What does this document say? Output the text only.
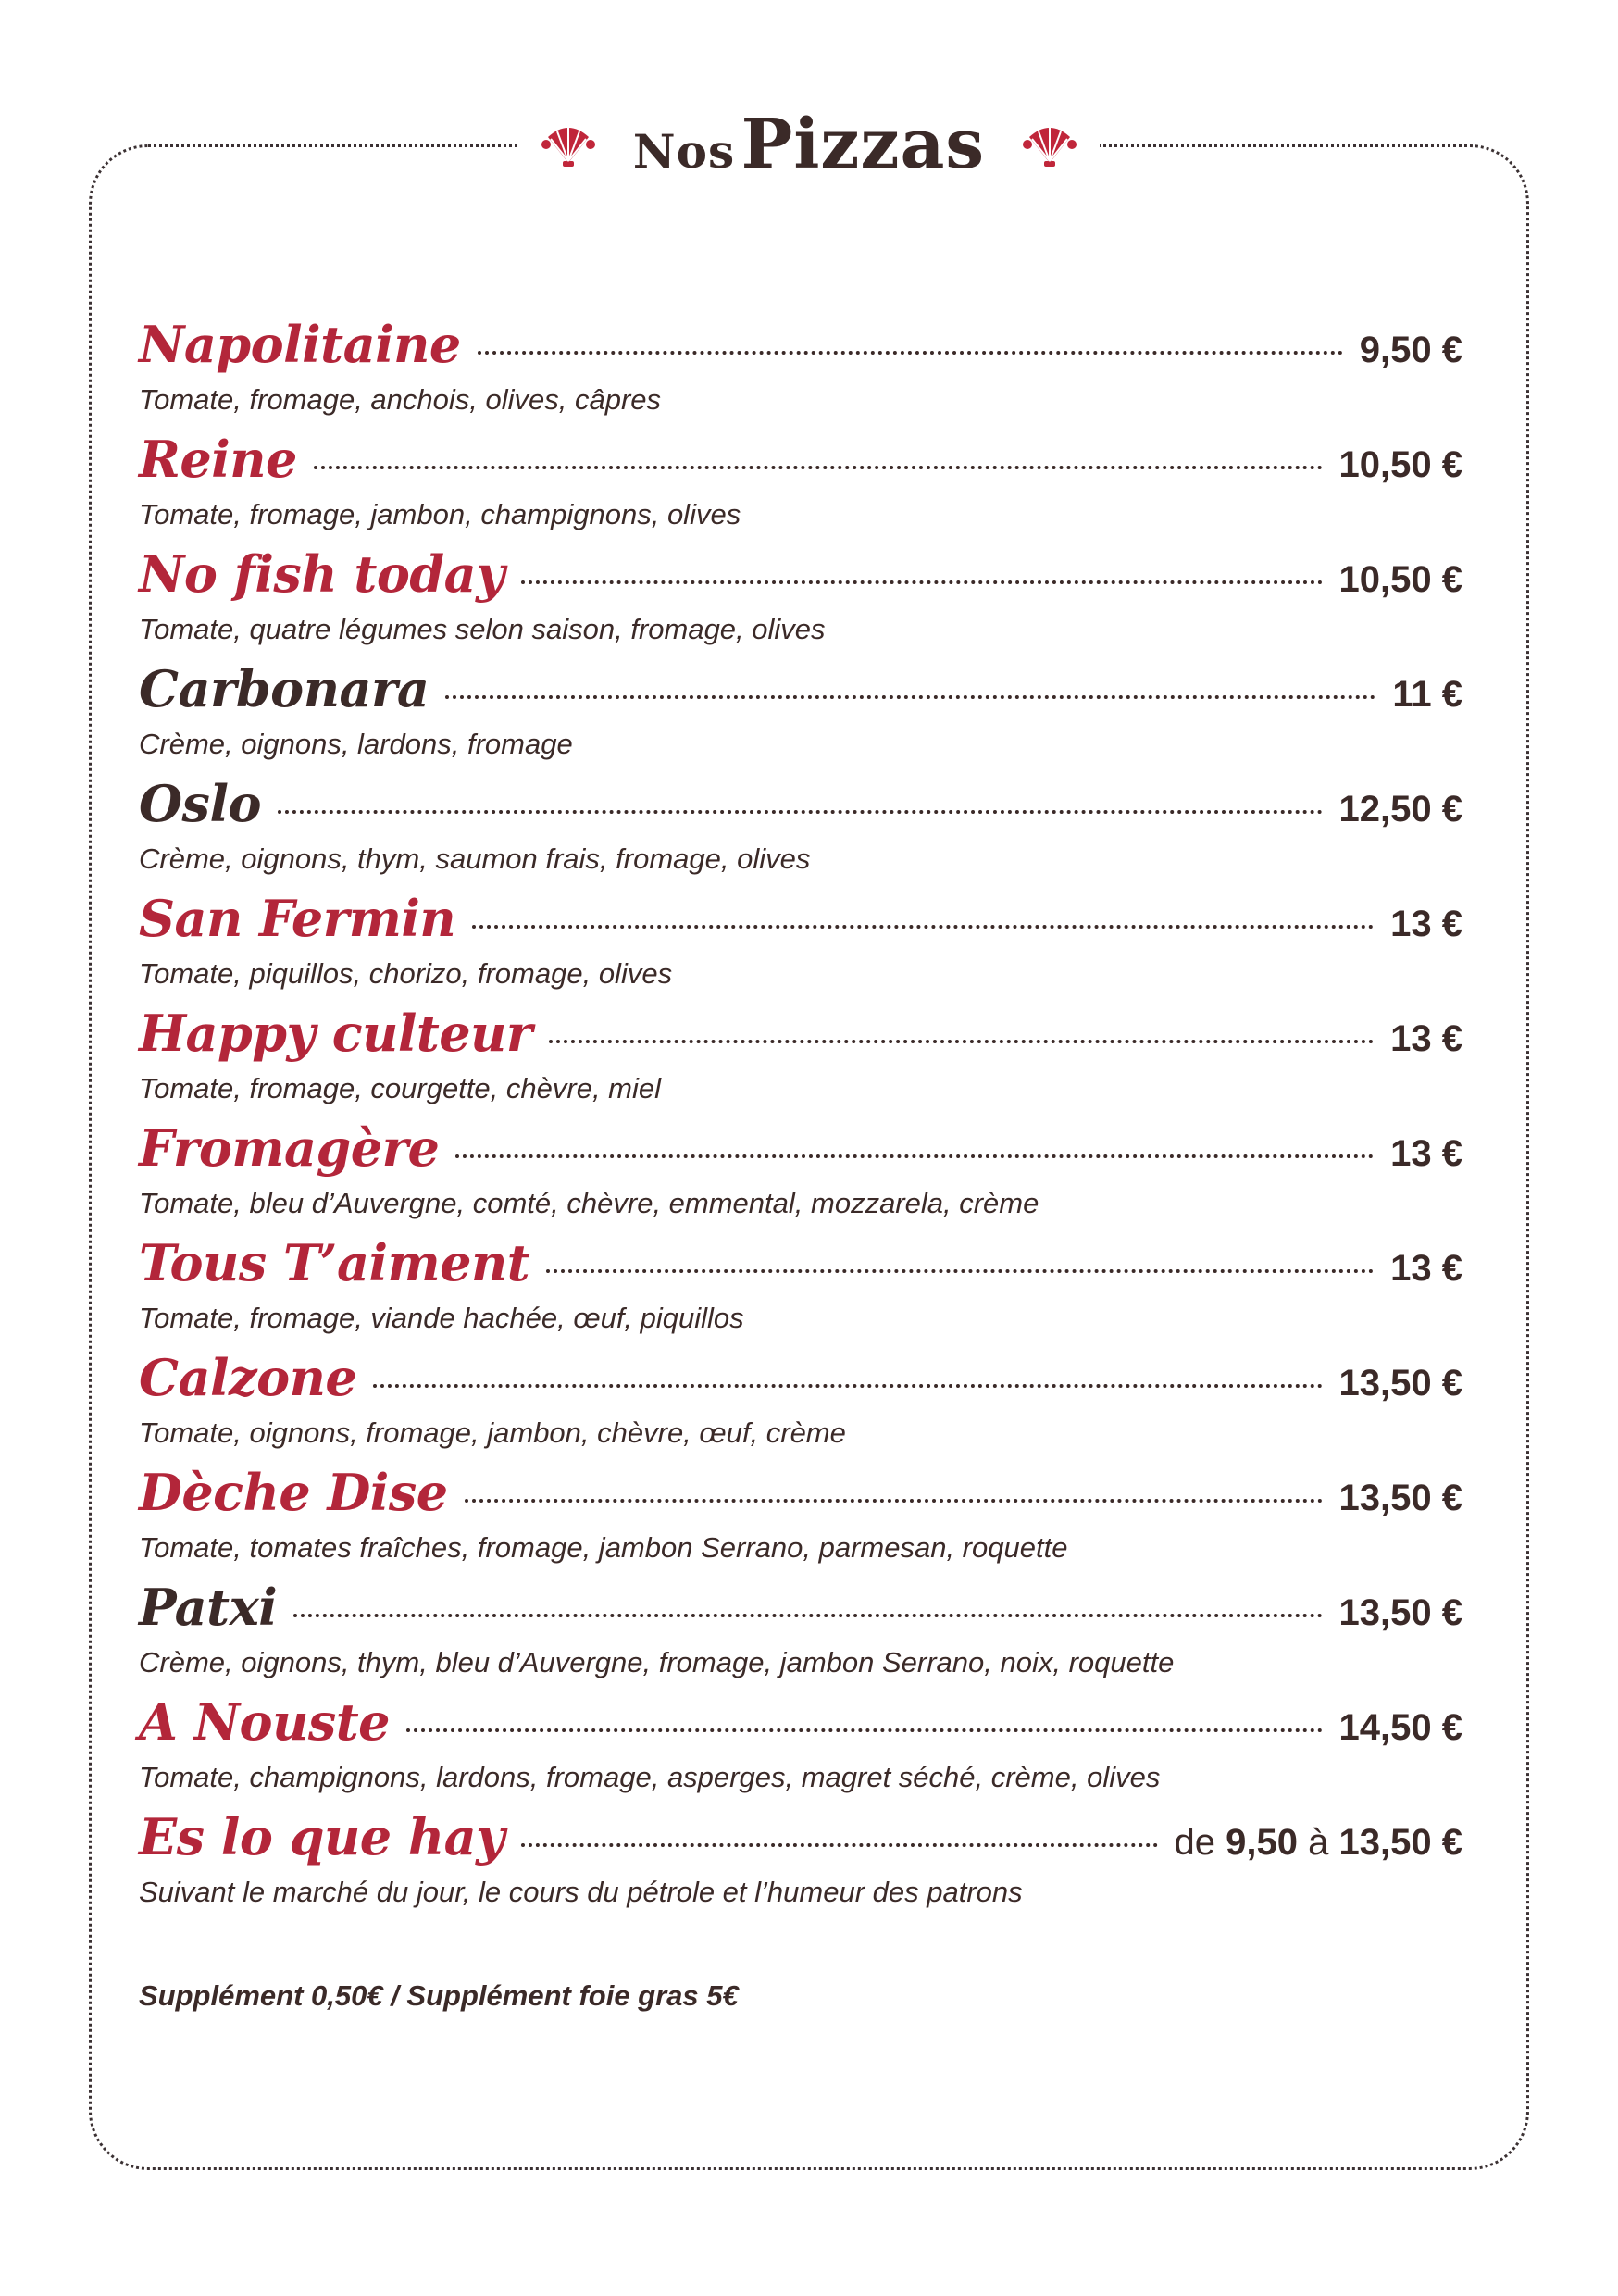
Nos Pizzas
Napolitaine	9,50 €
Tomate, fromage, anchois, olives, câpres
Reine	10,50 €
Tomate, fromage, jambon, champignons, olives
No fish today	10,50 €
Tomate, quatre légumes selon saison, fromage, olives
Carbonara	11 €
Crème, oignons, lardons, fromage
Oslo	12,50 €
Crème, oignons, thym, saumon frais, fromage, olives
San Fermin	13 €
Tomate, piquillos, chorizo, fromage, olives
Happy culteur	13 €
Tomate, fromage, courgette, chèvre, miel
Fromagère	13 €
Tomate, bleu d’Auvergne, comté, chèvre, emmental, mozzarela, crème
Tous T’aiment	13 €
Tomate, fromage, viande hachée, œuf, piquillos
Calzone	13,50 €
Tomate, oignons, fromage, jambon, chèvre, œuf, crème
Dèche Dise	13,50 €
Tomate, tomates fraîches, fromage, jambon Serrano, parmesan, roquette
Patxi	13,50 €
Crème, oignons, thym, bleu d’Auvergne, fromage, jambon Serrano, noix, roquette
A Nouste	14,50 €
Tomate, champignons, lardons, fromage, asperges, magret séché, crème, olives
Es lo que hay	de 9,50 à 13,50 €
Suivant le marché du jour, le cours du pétrole et l’humeur des patrons
Supplément 0,50€ / Supplément foie gras 5€
